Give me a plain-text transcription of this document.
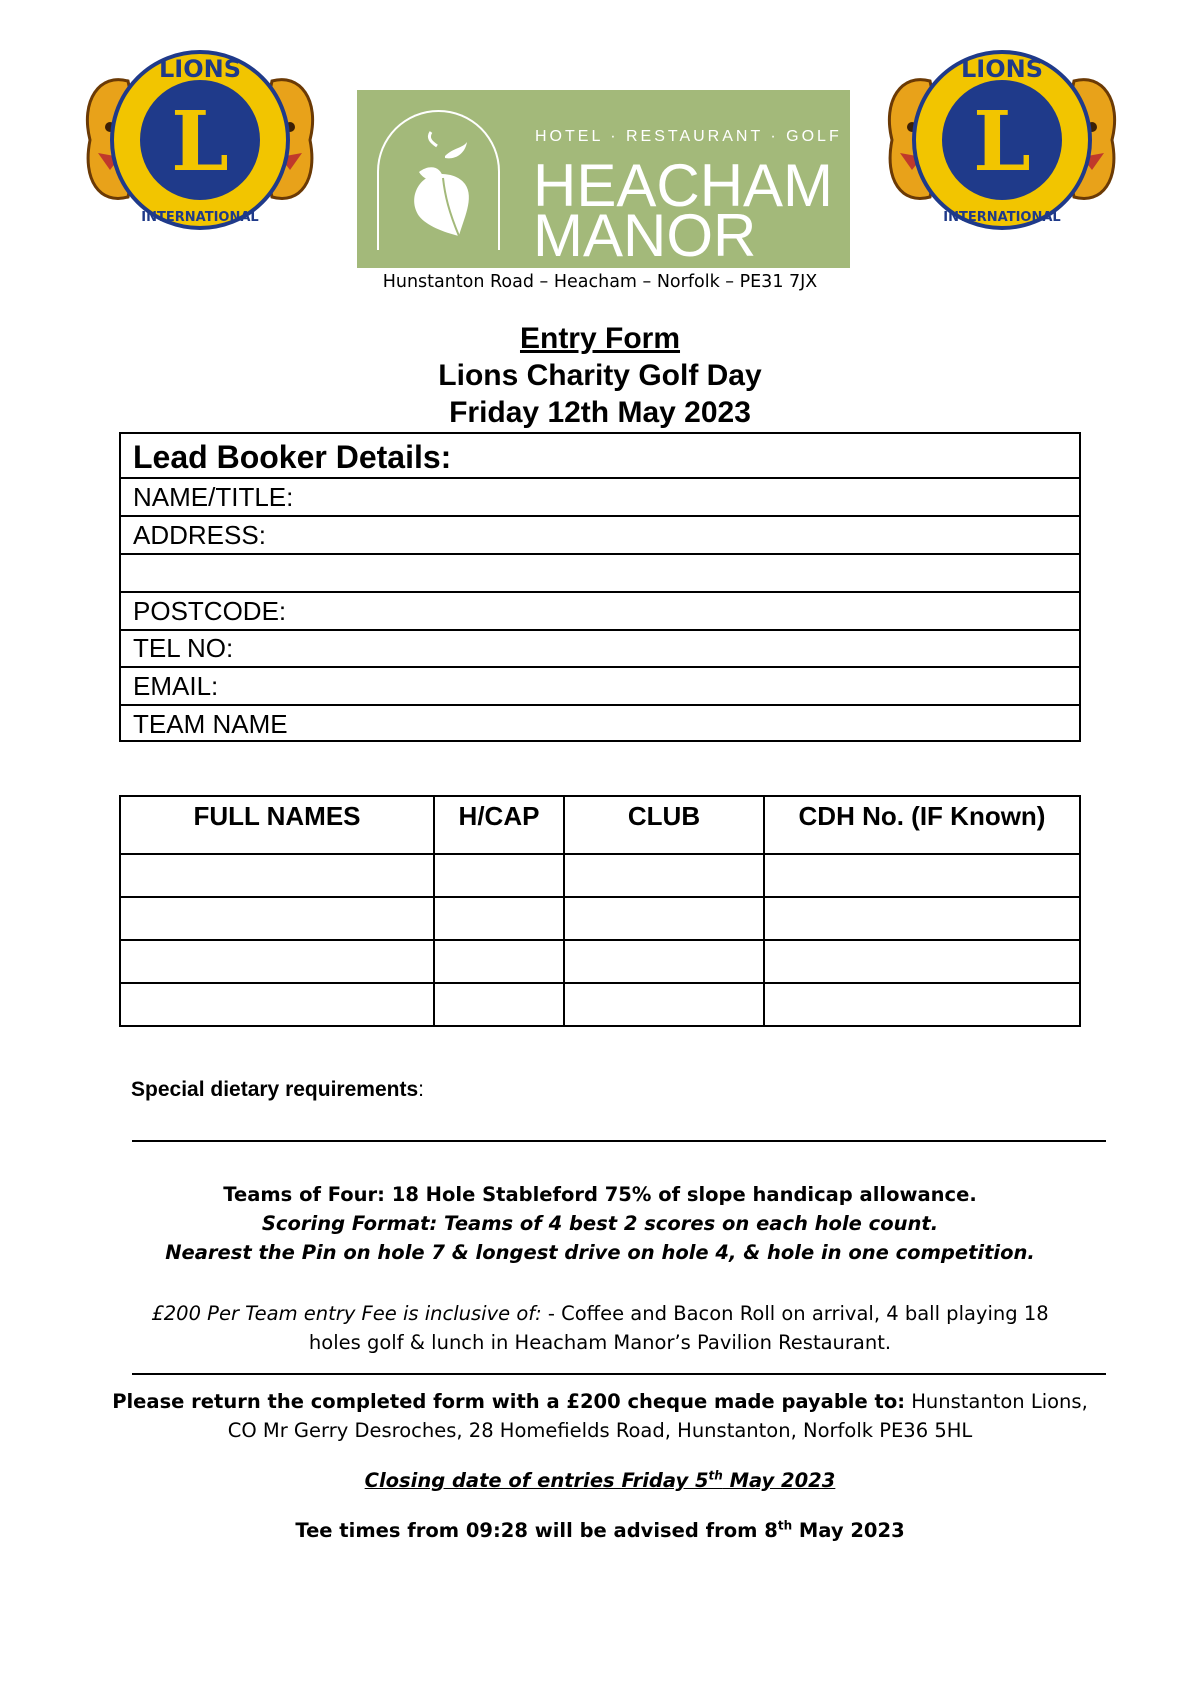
L
LIONS
INTERNATIONAL
HOTEL · RESTAURANT · GOLF
HEACHAM
MANOR
L
LIONS
INTERNATIONAL
Hunstanton Road – Heacham – Norfolk – PE31 7JX
Entry Form
Lions Charity Golf Day
Friday 12th May 2023
Lead Booker Details:
NAME/TITLE:
ADDRESS:
POSTCODE:
TEL NO:
EMAIL:
TEAM NAME
FULL NAMES	H/CAP	CLUB	CDH No. (IF Known)

Special dietary requirements:
Teams of Four: 18 Hole Stableford 75% of slope handicap allowance.
Scoring Format: Teams of 4 best 2 scores on each hole count.
Nearest the Pin on hole 7 & longest drive on hole 4, & hole in one competition.
£200 Per Team entry Fee is inclusive of: - Coffee and Bacon Roll on arrival, 4 ball playing 18
holes golf & lunch in Heacham Manor’s Pavilion Restaurant.
Please return the completed form with a £200 cheque made payable to: Hunstanton Lions,
CO Mr Gerry Desroches, 28 Homefields Road, Hunstanton, Norfolk PE36 5HL
Closing date of entries Friday 5th May 2023
Tee times from 09:28 will be advised from 8th May 2023
